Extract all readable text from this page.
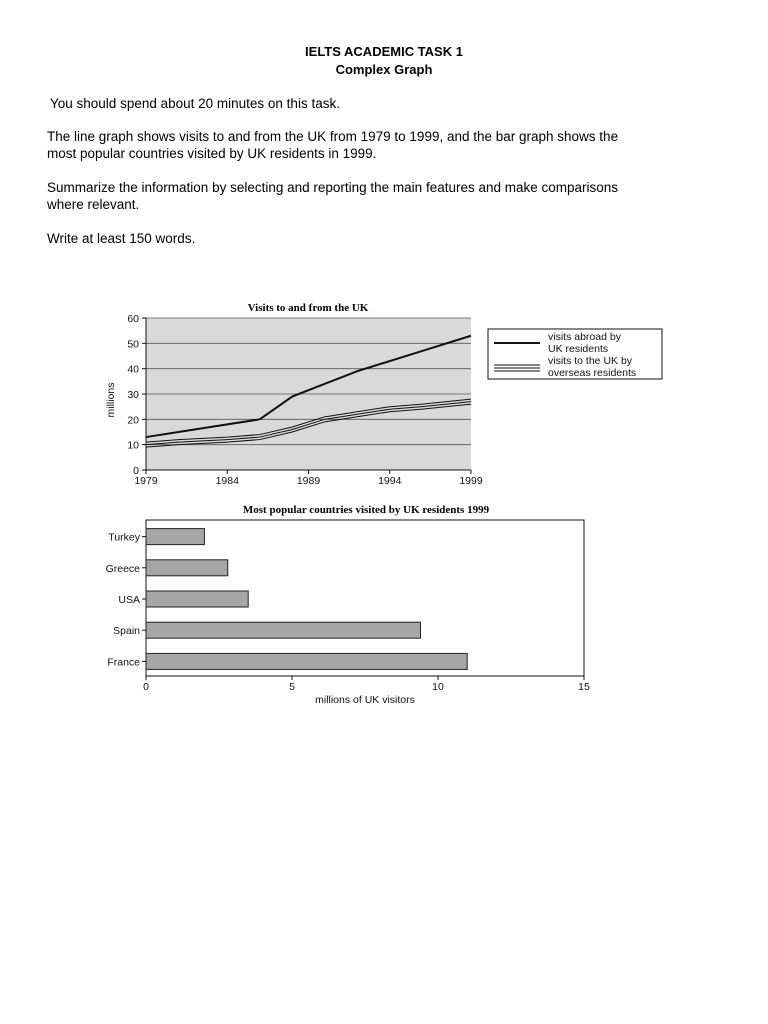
IELTS ACADEMIC TASK 1
Complex Graph

You should spend about 20 minutes on this task.

The line graph shows visits to and from the UK from 1979 to 1999, and the bar graph shows the
most popular countries visited by UK residents in 1999.
Summarize the information by selecting and reporting the main features and make comparisons
where relevant.

Write at least 150 words.

Visits to and from the UK
0
10
20
30
40
50
60
1979	1984	1989	1994	1999
millions
visits abroad by
UK residents
visits to the UK by
overseas residents
Most popular countries visited by UK residents 1999
Turkey
Greece
USA
Spain
France
0	5	10	15
millions of UK visitors
